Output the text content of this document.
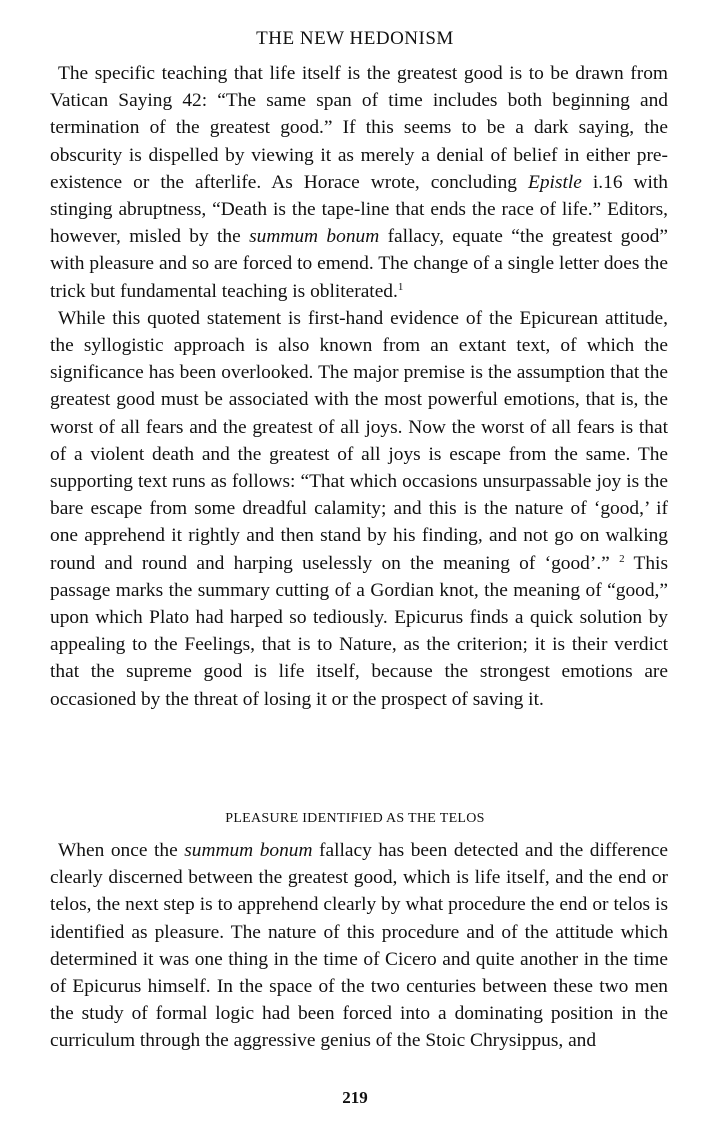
THE NEW HEDONISM

The specific teaching that life itself is the greatest good is to be drawn from Vatican Saying 42: “The same span of time includes both beginning and termination of the greatest good.” If this seems to be a dark saying, the obscurity is dispelled by viewing it as merely a denial of belief in either pre-existence or the afterlife. As Horace wrote, concluding Epistle i.16 with stinging abruptness, “Death is the tape-line that ends the race of life.” Editors, however, misled by the summum bonum fallacy, equate “the greatest good” with pleasure and so are forced to emend. The change of a single letter does the trick but fundamental teaching is obliterated.$^1$

While this quoted statement is first-hand evidence of the Epicurean attitude, the syllogistic approach is also known from an extant text, of which the significance has been overlooked. The major premise is the assumption that the greatest good must be associated with the most powerful emotions, that is, the worst of all fears and the greatest of all joys. Now the worst of all fears is that of a violent death and the greatest of all joys is escape from the same. The supporting text runs as follows: “That which occasions unsurpassable joy is the bare escape from some dreadful calamity; and this is the nature of ‘good,’ if one apprehend it rightly and then stand by his finding, and not go on walking round and round and harping uselessly on the meaning of ‘good’.” $^2$ This passage marks the summary cutting of a Gordian knot, the meaning of “good,” upon which Plato had harped so tediously. Epicurus finds a quick solution by appealing to the Feelings, that is to Nature, as the criterion; it is their verdict that the supreme good is life itself, because the strongest emotions are occasioned by the threat of losing it or the prospect of saving it.

PLEASURE IDENTIFIED AS THE TELOS

When once the summum bonum fallacy has been detected and the difference clearly discerned between the greatest good, which is life itself, and the end or telos, the next step is to apprehend clearly by what procedure the end or telos is identified as pleasure. The nature of this procedure and of the attitude which determined it was one thing in the time of Cicero and quite another in the time of Epicurus himself. In the space of the two centuries between these two men the study of formal logic had been forced into a dominating position in the curriculum through the aggressive genius of the Stoic Chrysippus, and

219
